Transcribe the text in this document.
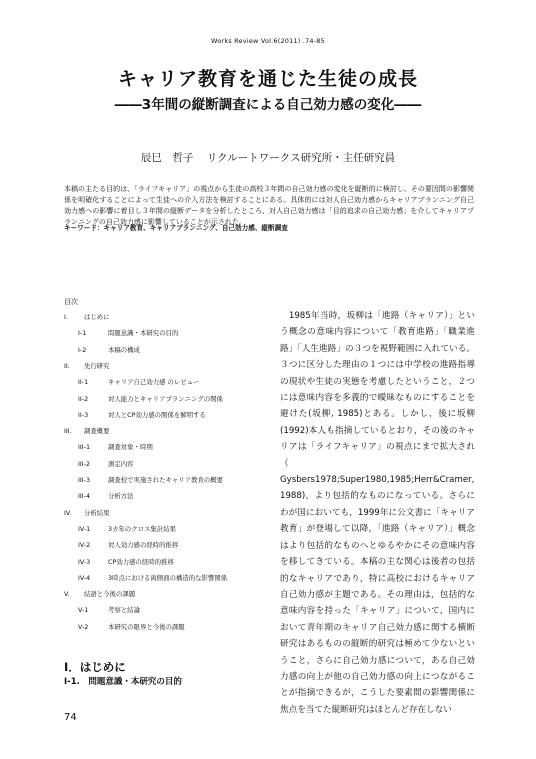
Works Review Vol.6(2011) .74-85
キャリア教育を通じた生徒の成長
――3年間の縦断調査による自己効力感の変化――
辰巳　哲子 リクルートワークス研究所・主任研究員
本稿の主たる目的は、「ライフキャリア」の視点から生徒の高校３年間の自己効力感の変化を縦断的に検討し、その要因間の影響関係を明確化することによって生徒への介入方法を検討することにある。具体的には対人自己効力感からキャリアプランニング自己効力感への影響に着目し３年間の縦断データを分析したところ、対人自己効力感は「目的追求の自己効力感」を介してキャリアプランニングの自己効力感に影響していることが示された。
キーワード：キャリア教育、キャリアプランニング、自己効力感、縦断調査
目次
I.	はじめに
I-1	問題意識・本研究の目的
I-2	本稿の構成
II. 先行研究
II-1	キャリア自己効力感 のレビュー
II-2	対人能力とキャリアプランニングの関係
II-3	対人とCP効力感の関係を解明する
III. 調査概要
III-1	調査対象・時期
III-2	測定内容
III-3	調査校で実施されたキャリア教育の概要
III-4	分析方法
IV. 分析結果
IV-1	3カ年のクロス集計結果
IV-2	対人効力感の経時的推移
IV-3	CP効力感の経時的推移
IV-4	3時点における両側面の構造的な影響関係
V. 結語と今後の課題
V-1	考察と結論
V-2	本研究の限界と今後の課題
I．はじめに
I-1.　問題意識・本研究の目的
　1985年当時，坂柳は「進路（キャリア）」という概念の意味内容について「教育進路」「職業進路」「人生進路」の３つを視野範囲に入れている。３つに区分した理由の１つには中学校の進路指導の現状や生徒の実態を考慮したということ，２つには意味内容を多義的で曖昧なものにすることを避けた(坂柳, 1985)とある。しかし，後に坂柳(1992)本人も指摘しているとおり，その後のキャリアは「ライフキャリア」の視点にまで拡大され（ Gysbers1978;Super1980,1985;Herr&Cramer, 1988)，より包括的なものになっている。さらにわが国においても，1999年に公文書に「キャリア教育」が登場して以降，「進路（キャリア）」概念はより包括的なものへとゆるやかにその意味内容を移してきている。本稿の主な関心は後者の包括的なキャリアであり，特に高校におけるキャリア自己効力感が主題である。その理由は，包括的な意味内容を持った「キャリア」について，国内において青年期のキャリア自己効力感に関する横断研究はあるものの縦断的研究は極めて少ないということ，さらに自己効力感について，ある自己効力感の向上が他の自己効力感の向上につながることが指摘できるが，こうした要素間の影響関係に焦点を当てた縦断研究はほとんど存在しない
74
